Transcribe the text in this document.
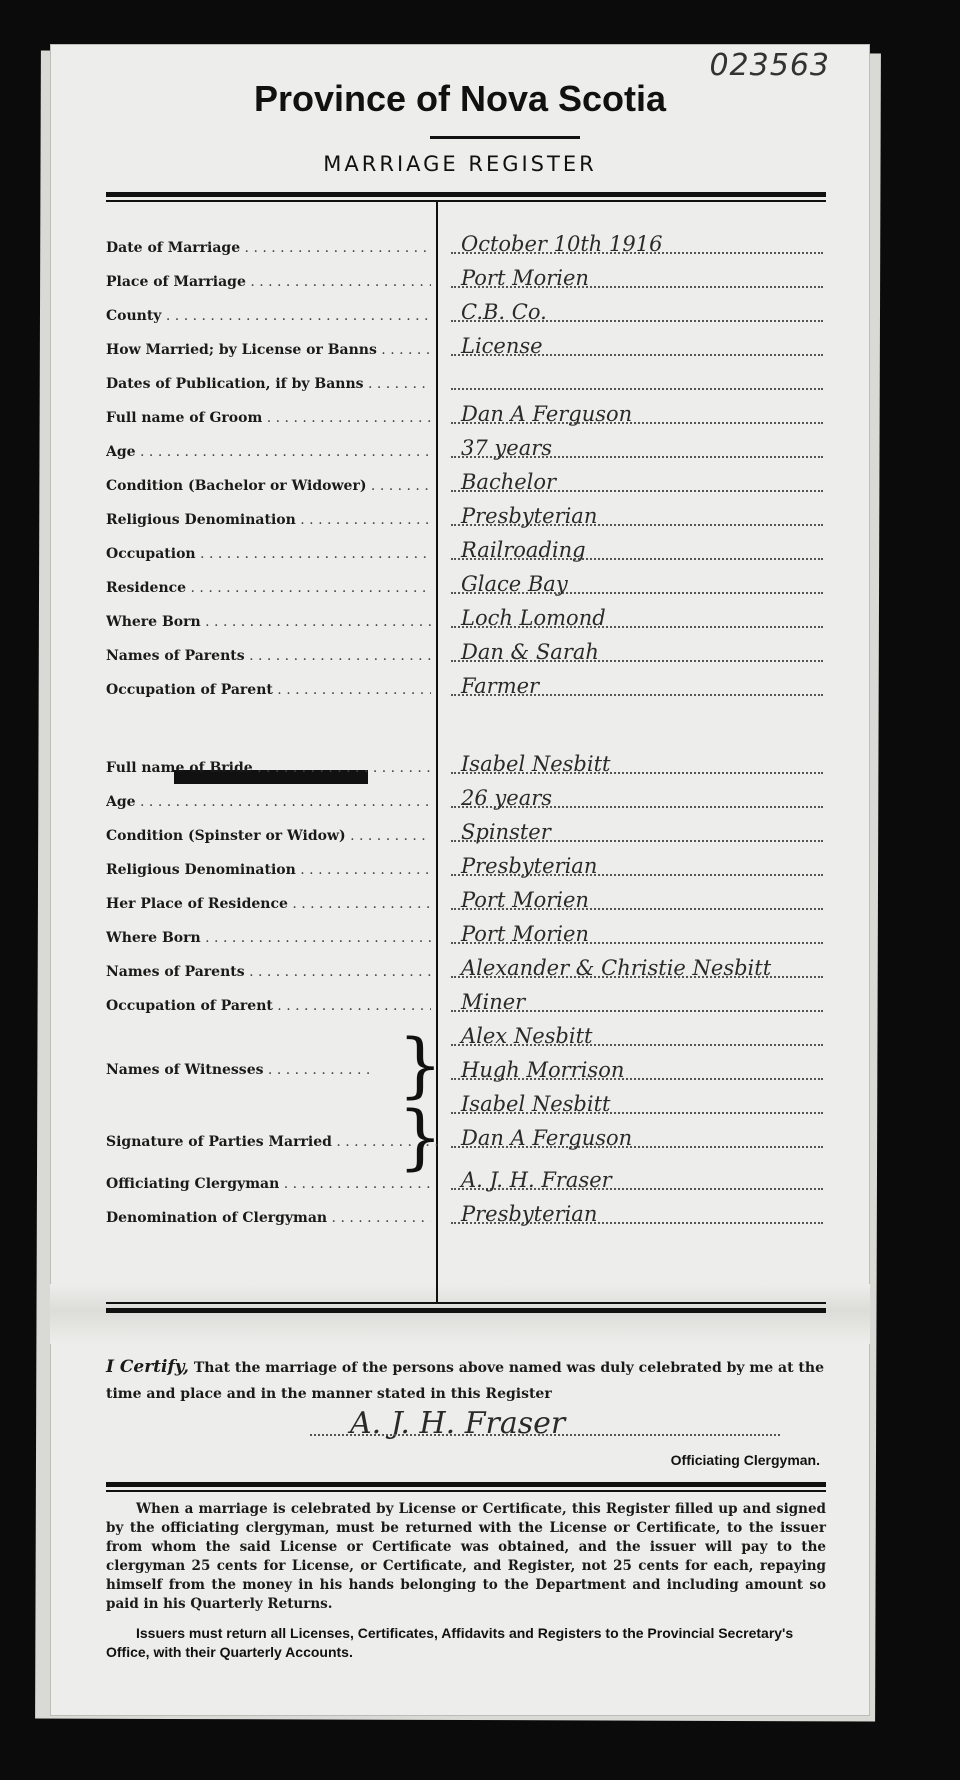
023563
Province of Nova Scotia
MARRIAGE REGISTER
Date of Marriage . . .	October 10th 1916
Place of Marriage . . .	Port Morien
County . . .	C.B. Co.
How Married; by License or Banns . . .	License
Dates of Publication, if by Banns . . .
Full name of Groom . . .	Dan A Ferguson
Age . . .	37 years
Condition (Bachelor or Widower) . . .	Bachelor
Religious Denomination . . .	Presbyterian
Occupation . . .	Railroading
Residence . . .	Glace Bay
Where Born . . .	Loch Lomond
Names of Parents . . .	Dan & Sarah
Occupation of Parent . . .	Farmer
Full name of Bride . . .	Isabel Nesbitt
Age . . .	26 years
Condition (Spinster or Widow) . . .	Spinster
Religious Denomination . . .	Presbyterian
Her Place of Residence . . .	Port Morien
Where Born . . .	Port Morien
Names of Parents . . .	Alexander & Christie Nesbitt
Occupation of Parent . . .	Miner
Names of Witnesses . . .	} Alex Nesbitt
Hugh Morrison
Signature of Parties Married . . . } Isabel Nesbitt
Dan A Ferguson
Officiating Clergyman . . .	A. J. H. Fraser
Denomination of Clergyman . . .	Presbyterian
I Certify, That the marriage of the persons above named was duly celebrated by me at the time and place and in the manner stated in this Register
A. J. H. Fraser
Officiating Clergyman.
When a marriage is celebrated by License or Certificate, this Register filled up and signed by the officiating clergyman, must be returned with the License or Certificate, to the issuer from whom the said License or Certificate was obtained, and the issuer will pay to the clergyman 25 cents for License, or Certificate, and Register, not 25 cents for each, repaying himself from the money in his hands belonging to the Department and including amount so paid in his Quarterly Returns.
Issuers must return all Licenses, Certificates, Affidavits and Registers to the Provincial Secretary's Office, with their Quarterly Accounts.
